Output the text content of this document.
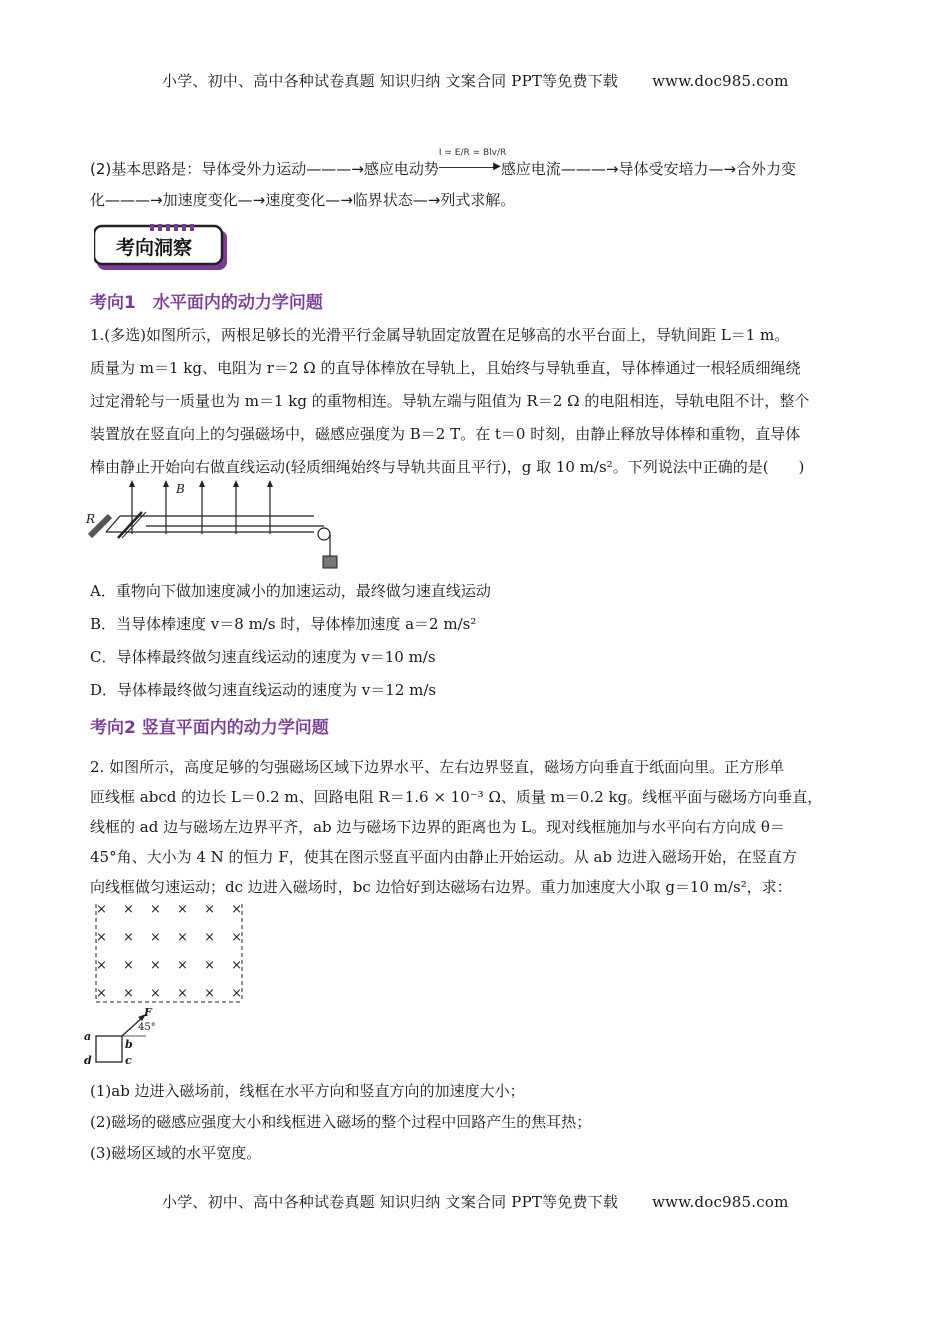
小学、初中、高中各种试卷真题 知识归纳 文案合同 PPT等免费下载 www.doc985.com
(2)基本思路是：导体受外力运动———→感应电动势
I = E/R = Blv/R
▶ 感应电流———→导体受安培力—→合外力变
化———→加速度变化—→速度变化—→临界状态—→列式求解。
考向洞察
考向1　水平面内的动力学问题
1.(多选)如图所示，两根足够长的光滑平行金属导轨固定放置在足够高的水平台面上，导轨间距 L＝1 m。
质量为 m＝1 kg、电阻为 r＝2 Ω 的直导体棒放在导轨上，且始终与导轨垂直，导体棒通过一根轻质细绳绕
过定滑轮与一质量也为 m＝1 kg 的重物相连。导轨左端与阻值为 R＝2 Ω 的电阻相连，导轨电阻不计，整个
装置放在竖直向上的匀强磁场中，磁感应强度为 B＝2 T。在 t＝0 时刻，由静止释放导体棒和重物，直导体
棒由静止开始向右做直线运动(轻质细绳始终与导轨共面且平行)，g 取 10 m/s²。下列说法中正确的是(　　)
B
R
A．重物向下做加速度减小的加速运动，最终做匀速直线运动
B．当导体棒速度 v＝8 m/s 时，导体棒加速度 a＝2 m/s²
C．导体棒最终做匀速直线运动的速度为 v＝10 m/s
D．导体棒最终做匀速直线运动的速度为 v＝12 m/s
考向2 竖直平面内的动力学问题
2. 如图所示，高度足够的匀强磁场区域下边界水平、左右边界竖直，磁场方向垂直于纸面向里。正方形单
匝线框 abcd 的边长 L＝0.2 m、回路电阻 R＝1.6 × 10⁻³ Ω、质量 m＝0.2 kg。线框平面与磁场方向垂直，
线框的 ad 边与磁场左边界平齐，ab 边与磁场下边界的距离也为 L。现对线框施加与水平向右方向成 θ＝
45°角、大小为 4 N 的恒力 F，使其在图示竖直平面内由静止开始运动。从 ab 边进入磁场开始，在竖直方
向线框做匀速运动；dc 边进入磁场时，bc 边恰好到达磁场右边界。重力加速度大小取 g＝10 m/s²，求：
× × × × × ×
× × × × × ×
× × × × × ×
× × × × × ×
F
45°
a
b
c
d
(1)ab 边进入磁场前，线框在水平方向和竖直方向的加速度大小；
(2)磁场的磁感应强度大小和线框进入磁场的整个过程中回路产生的焦耳热；
(3)磁场区域的水平宽度。
小学、初中、高中各种试卷真题 知识归纳 文案合同 PPT等免费下载 www.doc985.com
